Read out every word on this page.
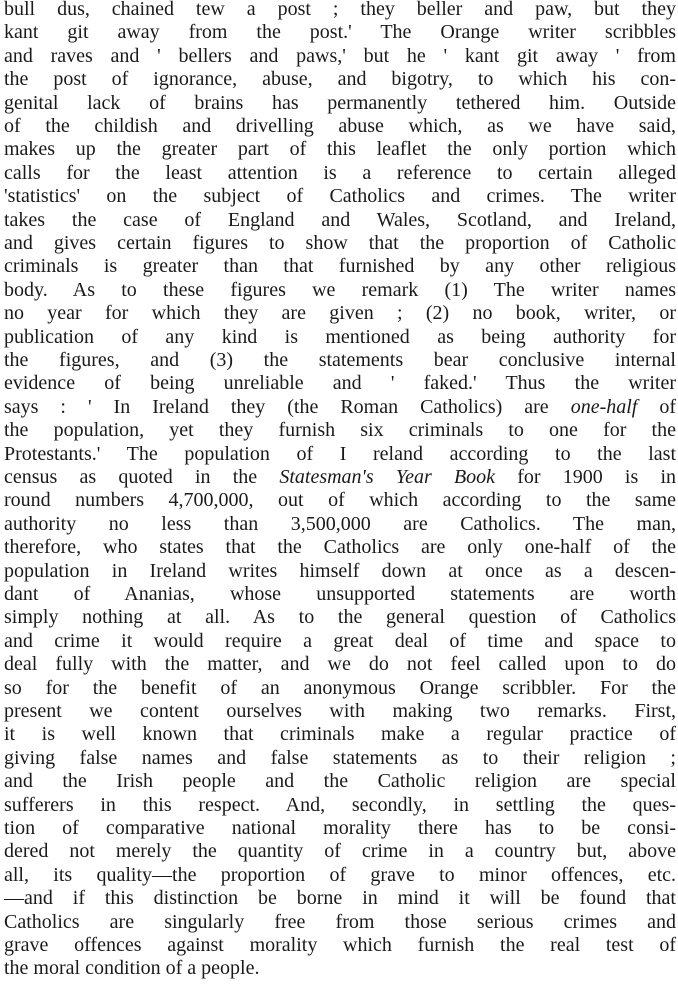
bull dus, chained tew a post ; they beller and paw, but they
kant git away from the post.' The Orange writer scribbles
and raves and ' bellers and paws,' but he ' kant git away ' from
the post of ignorance, abuse, and bigotry, to which his con-
genital lack of brains has permanently tethered him. Outside
of the childish and drivelling abuse which, as we have said,
makes up the greater part of this leaflet the only portion which
calls for the least attention is a reference to certain alleged
'statistics' on the subject of Catholics and crimes. The writer
takes the case of England and Wales, Scotland, and Ireland,
and gives certain figures to show that the proportion of Catholic
criminals is greater than that furnished by any other religious
body. As to these figures we remark (1) The writer names
no year for which they are given ; (2) no book, writer, or
publication of any kind is mentioned as being authority for
the figures, and (3) the statements bear conclusive internal
evidence of being unreliable and ' faked.' Thus the writer
says : ' In Ireland they (the Roman Catholics) are one-half of
the population, yet they furnish six criminals to one for the
Protestants.' The population of I reland according to the last
census as quoted in the Statesman's Year Book for 1900 is in
round numbers 4,700,000, out of which according to the same
authority no less than 3,500,000 are Catholics. The man,
therefore, who states that the Catholics are only one-half of the
population in Ireland writes himself down at once as a descen-
dant of Ananias, whose unsupported statements are worth
simply nothing at all. As to the general question of Catholics
and crime it would require a great deal of time and space to
deal fully with the matter, and we do not feel called upon to do
so for the benefit of an anonymous Orange scribbler. For the
present we content ourselves with making two remarks. First,
it is well known that criminals make a regular practice of
giving false names and false statements as to their religion ;
and the Irish people and the Catholic religion are special
sufferers in this respect. And, secondly, in settling the ques-
tion of comparative national morality there has to be consi-
dered not merely the quantity of crime in a country but, above
all, its quality—the proportion of grave to minor offences, etc.
—and if this distinction be borne in mind it will be found that
Catholics are singularly free from those serious crimes and
grave offences against morality which furnish the real test of
the moral condition of a people.
